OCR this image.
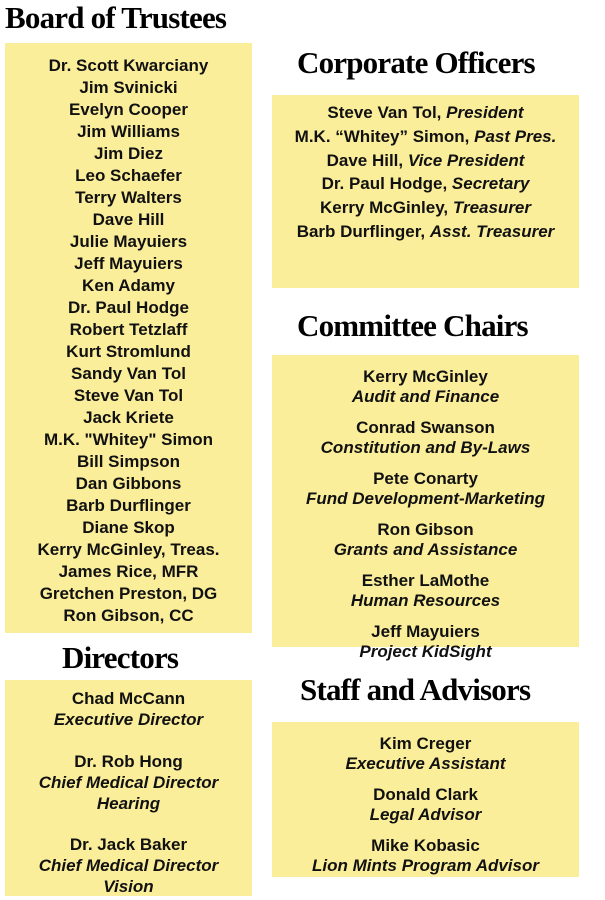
Board of Trustees
Dr. Scott Kwarciany
Jim Svinicki
Evelyn Cooper
Jim Williams
Jim Diez
Leo Schaefer
Terry Walters
Dave Hill
Julie Mayuiers
Jeff Mayuiers
Ken Adamy
Dr. Paul Hodge
Robert Tetzlaff
Kurt Stromlund
Sandy Van Tol
Steve Van Tol
Jack Kriete
M.K. "Whitey" Simon
Bill Simpson
Dan Gibbons
Barb Durflinger
Diane Skop
Kerry McGinley, Treas.
James Rice, MFR
Gretchen Preston, DG
Ron Gibson, CC
Corporate Officers
Steve Van Tol, President
M.K. “Whitey” Simon, Past Pres.
Dave Hill, Vice President
Dr. Paul Hodge, Secretary
Kerry McGinley, Treasurer
Barb Durflinger, Asst. Treasurer
Committee Chairs
Kerry McGinley
Audit and Finance
Conrad Swanson
Constitution and By-Laws
Pete Conarty
Fund Development-Marketing
Ron Gibson
Grants and Assistance
Esther LaMothe
Human Resources
Jeff Mayuiers
Project KidSight
Directors
Chad McCann
Executive Director
Dr. Rob Hong
Chief Medical Director
Hearing
Dr. Jack Baker
Chief Medical Director
Vision
Staff and Advisors
Kim Creger
Executive Assistant
Donald Clark
Legal Advisor
Mike Kobasic
Lion Mints Program Advisor
